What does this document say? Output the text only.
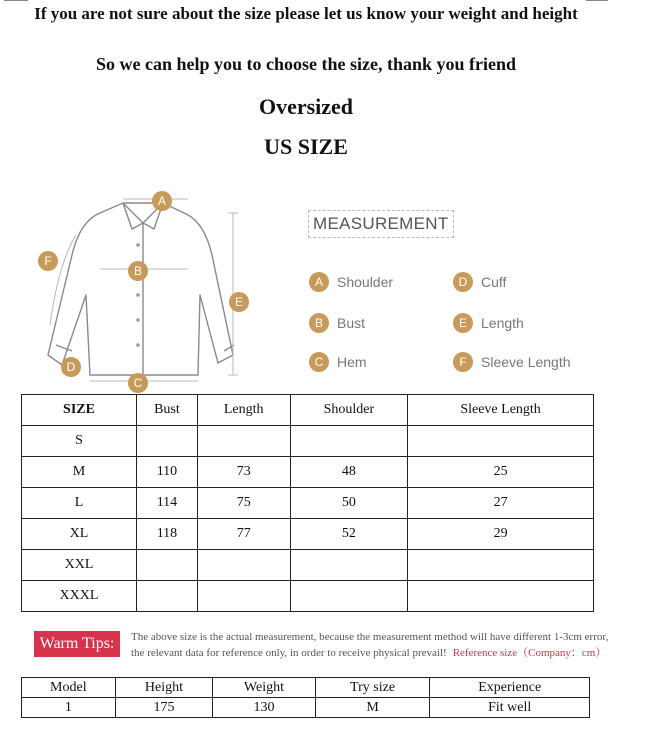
If you are not sure about the size please let us know your weight and height
So we can help you to choose the size, thank you friend
Oversized
US SIZE
A
B
C
D
E
F
MEASUREMENT
A	Shoulder
B	Bust
C Hem
D Cuff
E	Length
F	Sleeve Length
SIZE	Bust	Length	Shoulder	Sleeve Length
S				
M	110	73	48	25
L	114	75	50	27
XL	118	77	52	29
XXL				
XXXL				
Warm Tips:	The above size is the actual measurement, because the measurement method will have different 1-3cm error,
the relevant data for reference only, in order to receive physical prevail! Reference size（Company：cm）
Model	Height	Weight	Try size	Experience
1	175	130	M	Fit well
